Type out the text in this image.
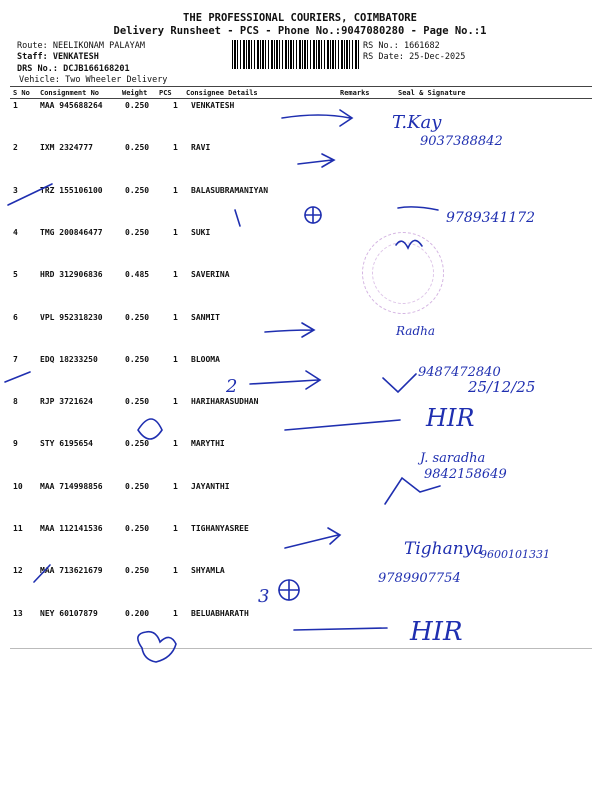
THE PROFESSIONAL COURIERS, COIMBATORE
Delivery Runsheet - PCS - Phone No.:9047080280 - Page No.:1
Route: NEELIKONAM PALAYAM
Staff: VENKATESH
DRS No.: DCJB166168201
Vehicle: Two Wheeler Delivery
RS No.: 1661682
RS Date: 25-Dec-2025
S No Consignment No	Weight PCS Consignee Details	Remarks	Seal & Signature
1	MAA 945688264	0.250	1 VENKATESH
2	IXM 2324777	0.250	1 RAVI
3	TRZ 155106100	0.250	1 BALASUBRAMANIYAN
4	TMG 200846477	0.250	1 SUKI
5	HRD 312906836	0.485	1 SAVERINA
6	VPL 952318230	0.250	1 SANMIT
7	EDQ 18233250	0.250	1 BLOOMA
8	RJP 3721624	0.250	1 HARIHARASUDHAN
9	STY 6195654	0.250	1 MARYTHI
10 MAA 714998856	0.250	1 JAYANTHI
11 MAA 112141536	0.250	1 TIGHANYASREE
12 MAA 713621679	0.250	1 SHYAMLA
13 NEY 60107879	0.200	1 BELUABHARATH
T.Kay
9037388842
9789341172
Radha
2
9487472840
25/12/25
HIR
J. saradha
9842158649
Tighanya
9600101331
3
9789907754
HIR
